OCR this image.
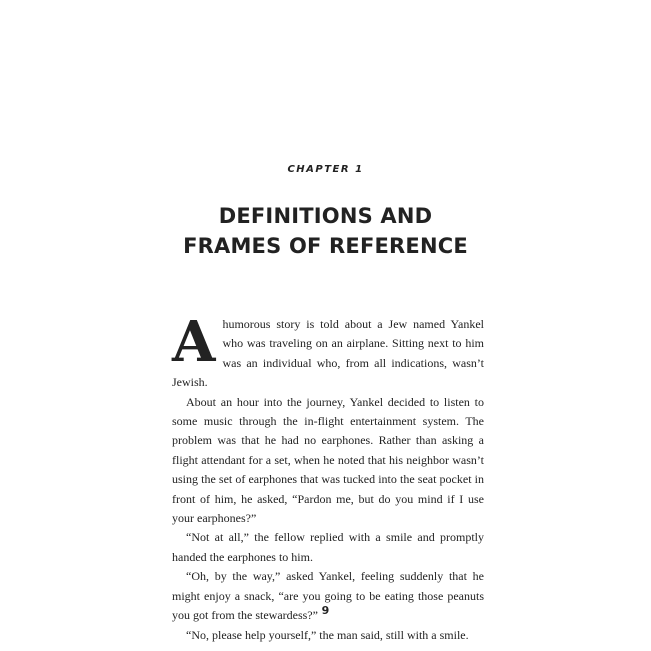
CHAPTER 1
DEFINITIONS AND
FRAMES OF REFERENCE

Ahumorous story is told about a Jew named Yankel who was traveling on an airplane. Sitting next to him was an individual who, from all indications, wasn’t Jewish.

About an hour into the journey, Yankel decided to listen to some music through the in-flight entertainment system. The problem was that he had no earphones. Rather than asking a flight attendant for a set, when he noted that his neighbor wasn’t using the set of earphones that was tucked into the seat pocket in front of him, he asked, “Pardon me, but do you mind if I use your earphones?”

“Not at all,” the fellow replied with a smile and promptly handed the earphones to him.

“Oh, by the way,” asked Yankel, feeling suddenly that he might enjoy a snack, “are you going to be eating those peanuts you got from the stewardess?”

“No, please help yourself,” the man said, still with a smile.

9
